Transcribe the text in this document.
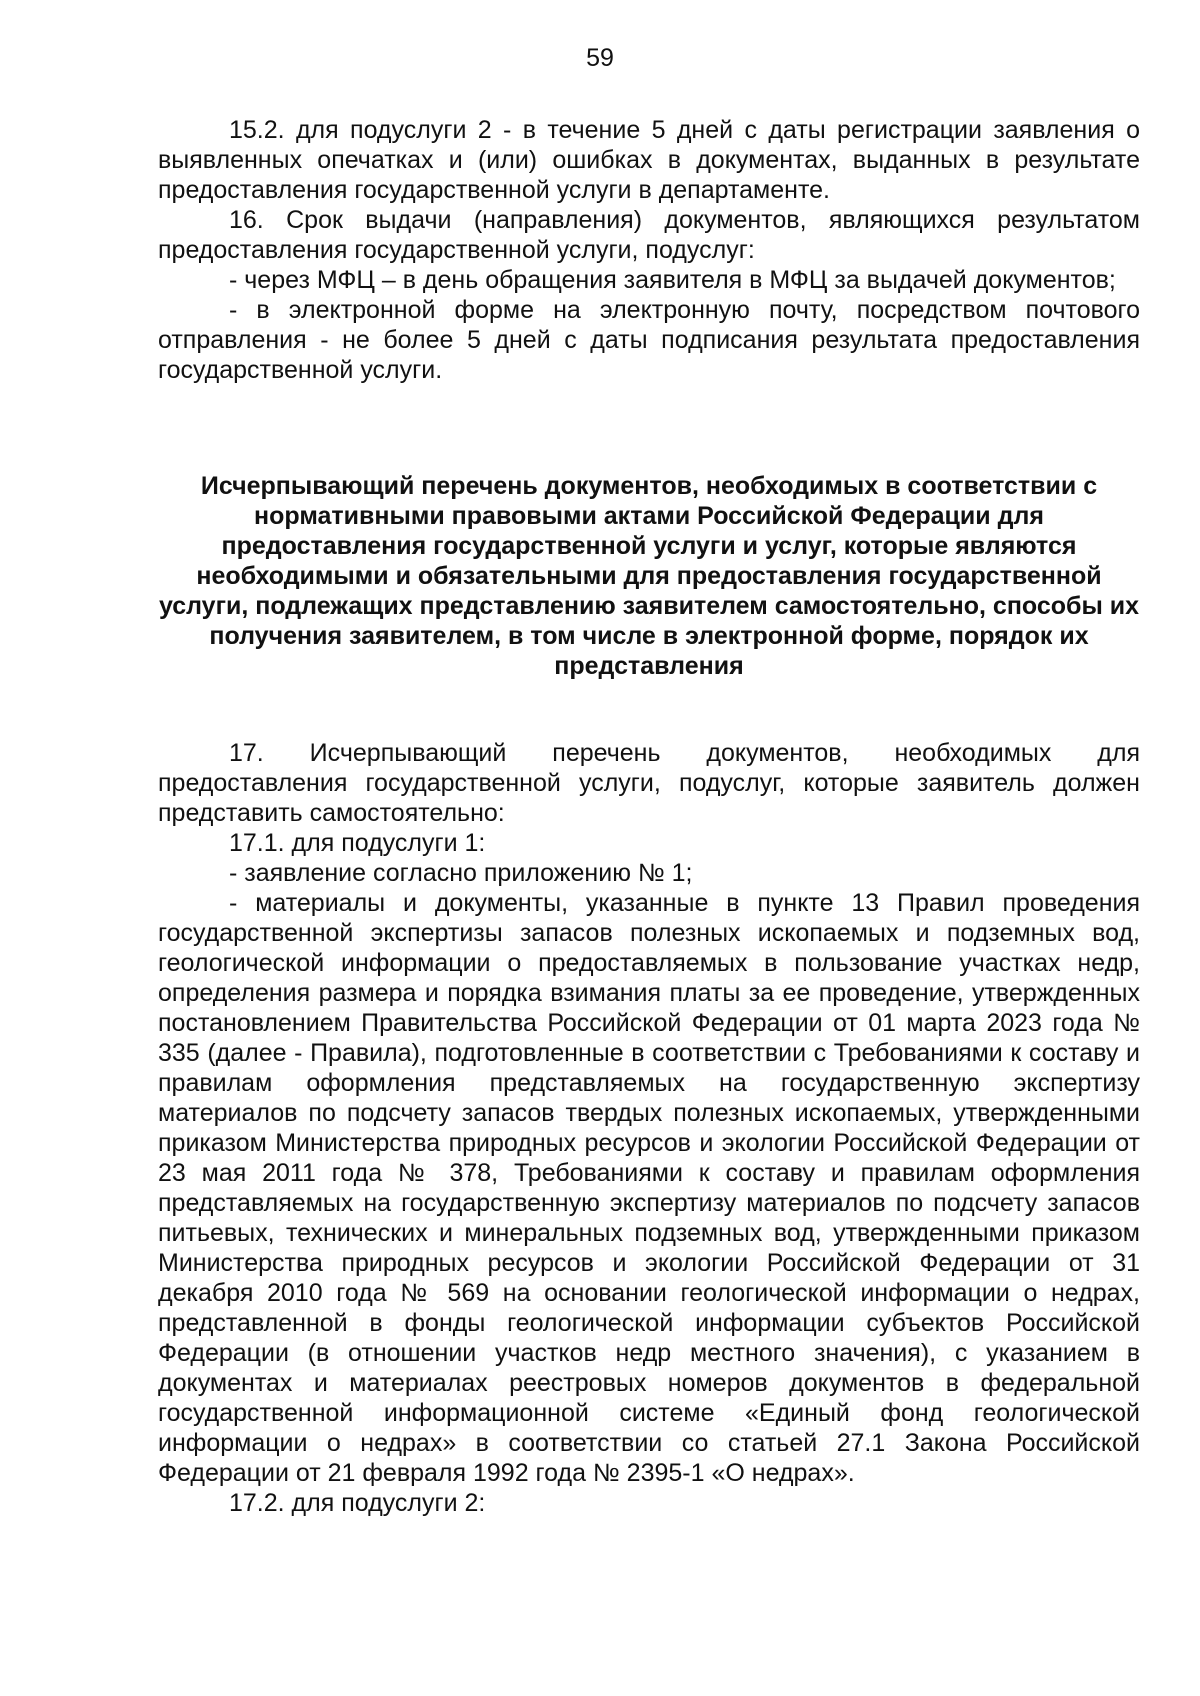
59

15.2. для подуслуги 2 - в течение 5 дней с даты регистрации заявления о выявленных опечатках и (или) ошибках в документах, выданных в результате предоставления государственной услуги в департаменте.

16. Срок выдачи (направления) документов, являющихся результатом предоставления государственной услуги, подуслуг:

- через МФЦ – в день обращения заявителя в МФЦ за выдачей документов;

- в электронной форме на электронную почту, посредством почтового отправления - не более 5 дней с даты подписания результата предоставления государственной услуги.

Исчерпывающий перечень документов, необходимых в соответствии с нормативными правовыми актами Российской Федерации для предоставления государственной услуги и услуг, которые являются необходимыми и обязательными для предоставления государственной услуги, подлежащих представлению заявителем самостоятельно, способы их получения заявителем, в том числе в электронной форме, порядок их представления

17. Исчерпывающий перечень документов, необходимых для предоставления государственной услуги, подуслуг, которые заявитель должен представить самостоятельно:

17.1. для подуслуги 1:

- заявление согласно приложению № 1;

- материалы и документы, указанные в пункте 13 Правил проведения государственной экспертизы запасов полезных ископаемых и подземных вод, геологической информации о предоставляемых в пользование участках недр, определения размера и порядка взимания платы за ее проведение, утвержденных постановлением Правительства Российской Федерации от 01 марта 2023 года № 335 (далее - Правила), подготовленные в соответствии с Требованиями к составу и правилам оформления представляемых на государственную экспертизу материалов по подсчету запасов твердых полезных ископаемых, утвержденными приказом Министерства природных ресурсов и экологии Российской Федерации от 23 мая 2011 года № 378, Требованиями к составу и правилам оформления представляемых на государственную экспертизу материалов по подсчету запасов питьевых, технических и минеральных подземных вод, утвержденными приказом Министерства природных ресурсов и экологии Российской Федерации от 31 декабря 2010 года № 569 на основании геологической информации о недрах, представленной в фонды геологической информации субъектов Российской Федерации (в отношении участков недр местного значения), с указанием в документах и материалах реестровых номеров документов в федеральной государственной информационной системе «Единый фонд геологической информации о недрах» в соответствии со статьей 27.1 Закона Российской Федерации от 21 февраля 1992 года № 2395-1 «О недрах».

17.2. для подуслуги 2:
